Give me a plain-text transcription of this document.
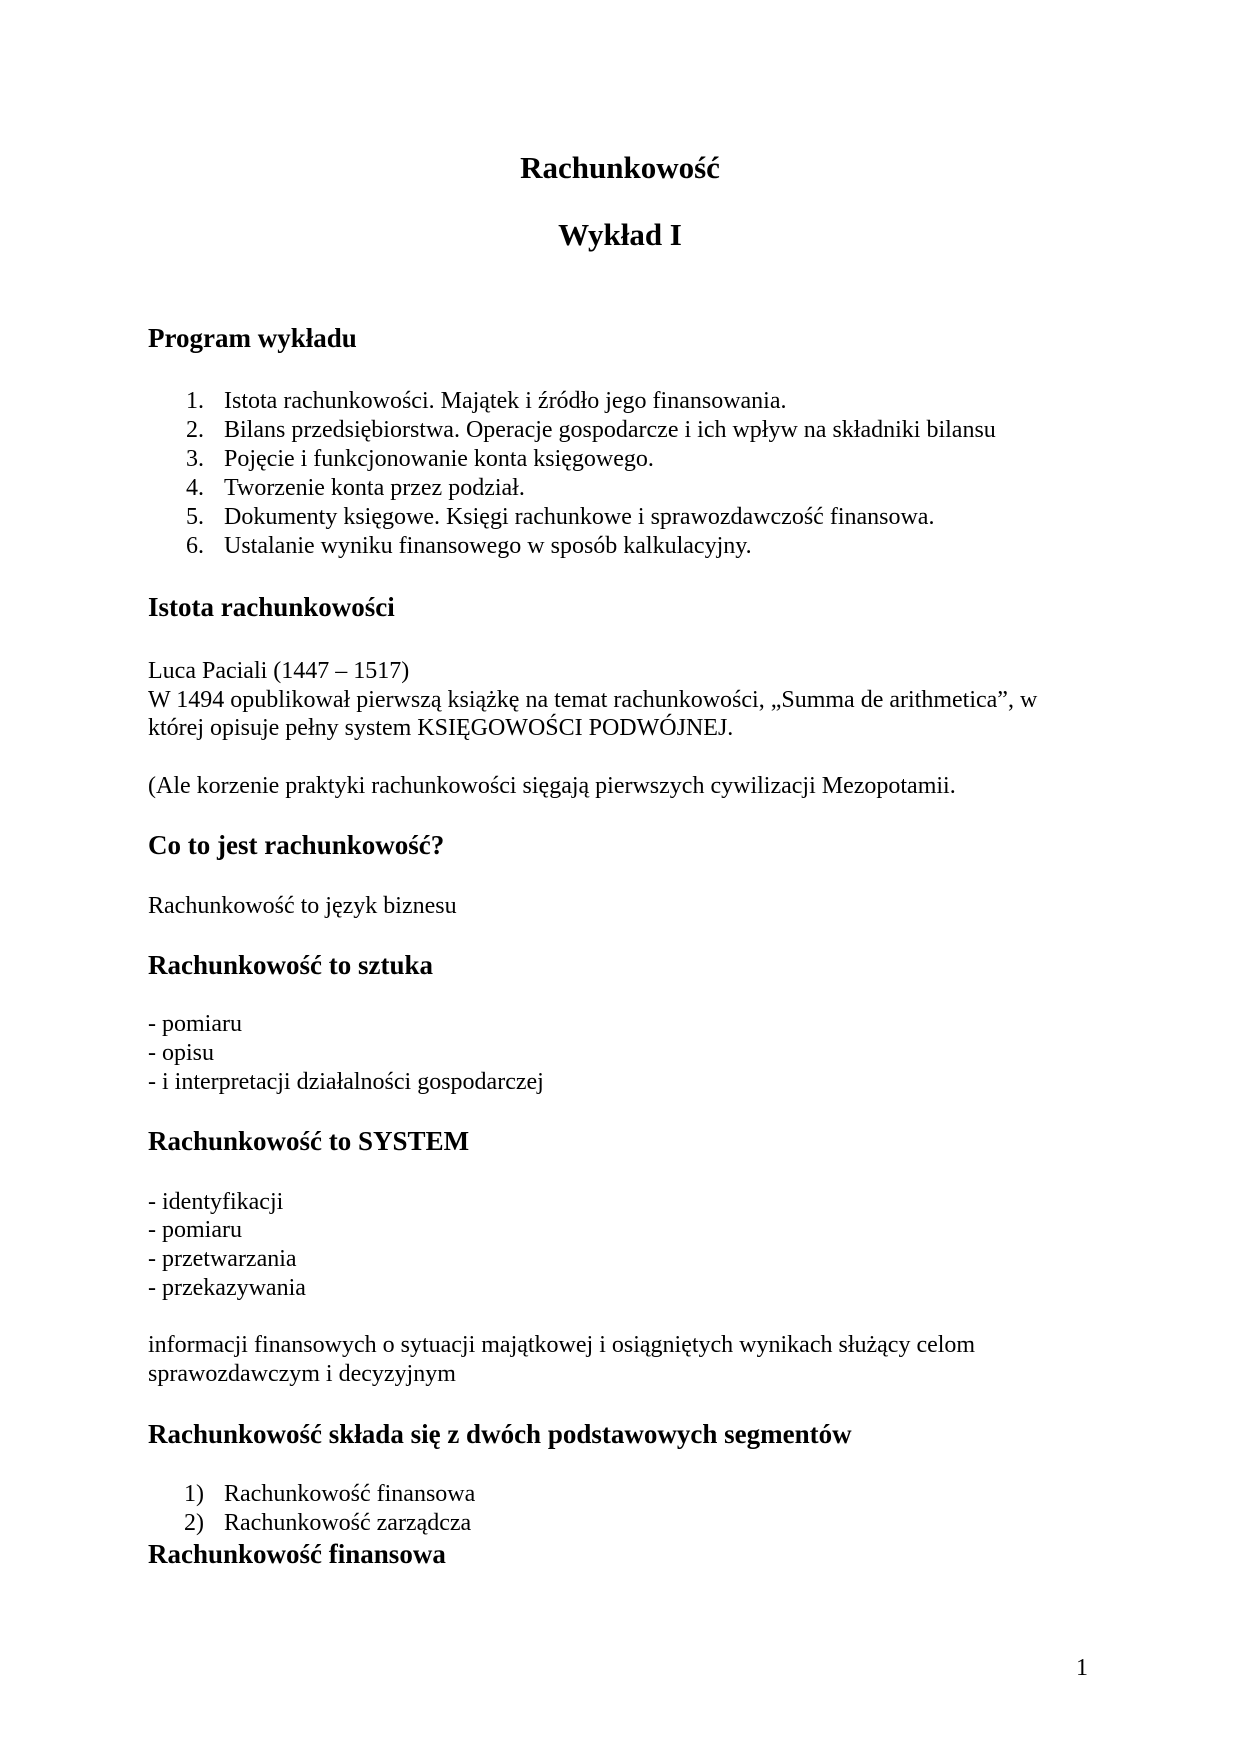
Rachunkowość
Wykład I
Program wykładu
1. Istota rachunkowości. Majątek i źródło jego finansowania.
2. Bilans przedsiębiorstwa. Operacje gospodarcze i ich wpływ na składniki bilansu
3. Pojęcie i funkcjonowanie konta księgowego.
4. Tworzenie konta przez podział.
5. Dokumenty księgowe. Księgi rachunkowe i sprawozdawczość finansowa.
6. Ustalanie wyniku finansowego w sposób kalkulacyjny.
Istota rachunkowości
Luca Paciali (1447 – 1517)
W 1494 opublikował pierwszą książkę na temat rachunkowości, „Summa de arithmetica”, w
której opisuje pełny system KSIĘGOWOŚCI PODWÓJNEJ.
(Ale korzenie praktyki rachunkowości sięgają pierwszych cywilizacji Mezopotamii.
Co to jest rachunkowość?
Rachunkowość to język biznesu
Rachunkowość to sztuka
- pomiaru
- opisu
- i interpretacji działalności gospodarczej
Rachunkowość to SYSTEM
- identyfikacji
- pomiaru
- przetwarzania
- przekazywania
informacji finansowych o sytuacji majątkowej i osiągniętych wynikach służący celom
sprawozdawczym i decyzyjnym
Rachunkowość składa się z dwóch podstawowych segmentów
1) Rachunkowość finansowa
2) Rachunkowość zarządcza
Rachunkowość finansowa
1
